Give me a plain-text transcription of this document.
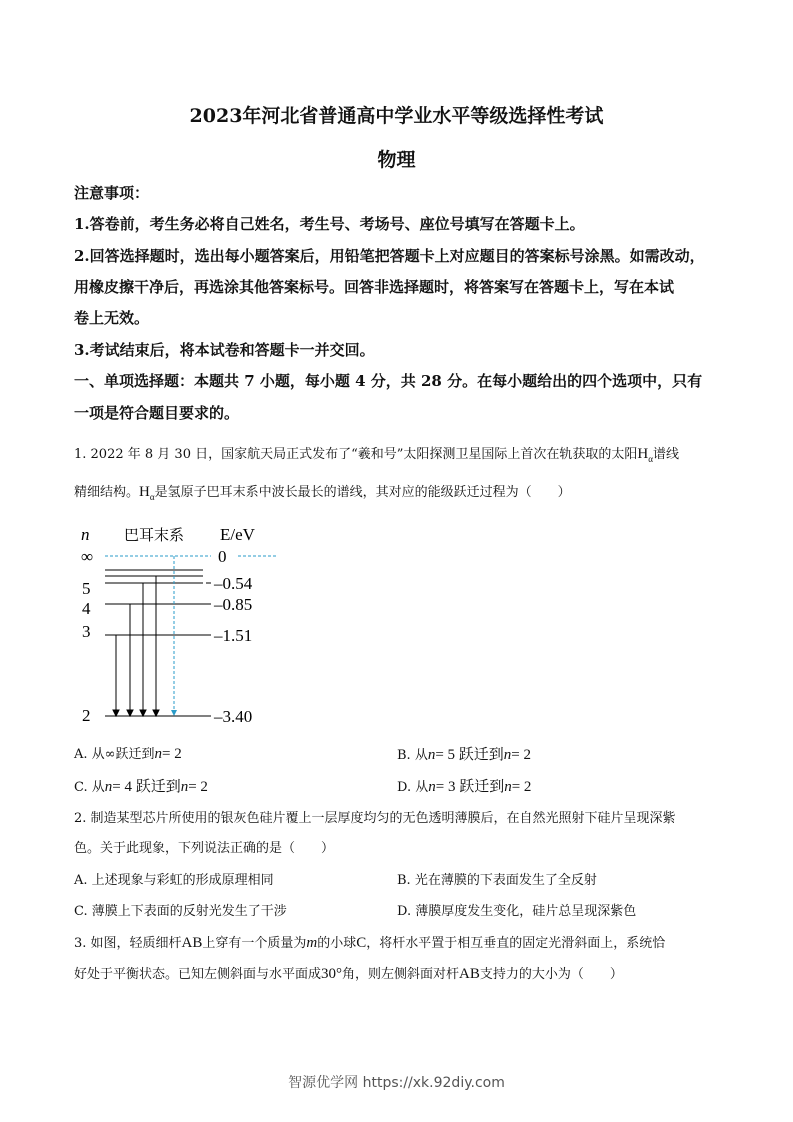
2023年河北省普通高中学业水平等级选择性考试
物理
注意事项：
1.答卷前，考生务必将自己姓名，考生号、考场号、座位号填写在答题卡上。
2.回答选择题时，选出每小题答案后，用铅笔把答题卡上对应题目的答案标号涂黑。如需改动，
用橡皮擦干净后，再选涂其他答案标号。回答非选择题时，将答案写在答题卡上，写在本试
卷上无效。
3.考试结束后，将本试卷和答题卡一并交回。
一、单项选择题：本题共 7 小题，每小题 4 分，共 28 分。在每小题给出的四个选项中，只有
一项是符合题目要求的。
1. 2022 年 8 月 30 日，国家航天局正式发布了“羲和号”太阳探测卫星国际上首次在轨获取的太阳$H_\alpha$谱线
精细结构。$H_\alpha$是氢原子巴耳末系中波长最长的谱线，其对应的能级跃迁过程为（　　）
n 巴耳末系 E/eV
∞	0
5	–0.54
4	–0.85
3	–1.51
2	–3.40
A. 从∞跃迁到n= 2	B. 从n= 5 跃迁到n= 2
C. 从n= 4 跃迁到n= 2	D. 从n= 3 跃迁到n= 2
2. 制造某型芯片所使用的银灰色硅片覆上一层厚度均匀的无色透明薄膜后，在自然光照射下硅片呈现深紫
色。关于此现象，下列说法正确的是（　　）
A. 上述现象与彩虹的形成原理相同	B. 光在薄膜的下表面发生了全反射
C. 薄膜上下表面的反射光发生了干涉	D. 薄膜厚度发生变化，硅片总呈现深紫色
3. 如图，轻质细杆AB上穿有一个质量为m的小球C，将杆水平置于相互垂直的固定光滑斜面上，系统恰
好处于平衡状态。已知左侧斜面与水平面成30°角，则左侧斜面对杆AB支持力的大小为（　　）
智源优学网 https://xk.92diy.com
